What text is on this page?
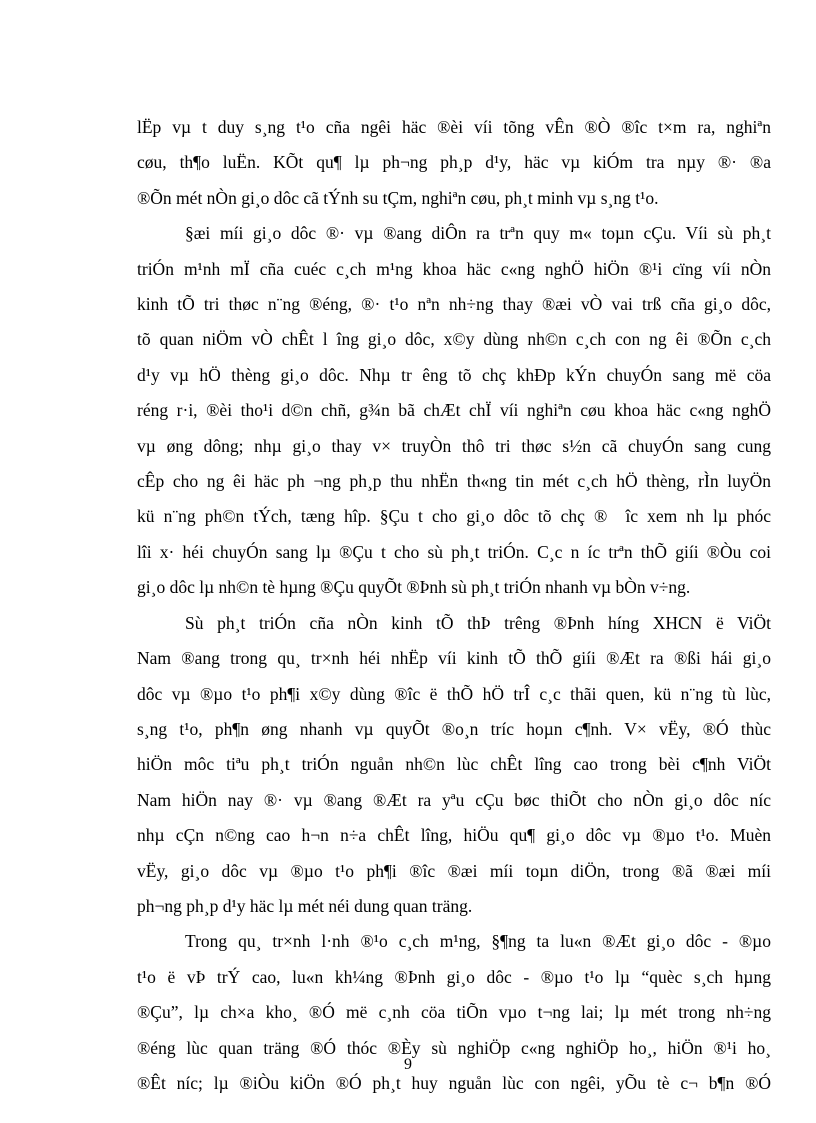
lËp vµ t duy s¸ng t¹o cña ngêi häc ®èi víi tõng vÊn ®Ò ®îc t×m ra, nghiªn
cøu, th¶o luËn. KÕt qu¶ lµ ph¬ng ph¸p d¹y, häc vµ kiÓm tra nµy ®· ®a
®Õn mét nÒn gi¸o dôc cã tÝnh su tÇm, nghiªn cøu, ph¸t minh vµ s¸ng t¹o.

§æi míi gi¸o dôc ®· vµ ®ang diÔn ra trªn quy m« toµn cÇu. Víi sù ph¸t
triÓn m¹nh mÏ cña cuéc c¸ch m¹ng khoa häc c«ng nghÖ hiÖn ®¹i cïng víi nÒn
kinh tÕ tri thøc n¨ng ®éng, ®· t¹o nªn nh÷ng thay ®æi vÒ vai trß cña gi¸o dôc,
tõ quan niÖm vÒ chÊt l îng gi¸o dôc, x©y dùng nh©n c¸ch con ng êi ®Õn c¸ch
d¹y vµ hÖ thèng gi¸o dôc. Nhµ tr êng tõ chç khÐp kÝn chuyÓn sang më cöa
réng r·i, ®èi tho¹i d©n chñ, g¾n bã chÆt chÏ víi nghiªn cøu khoa häc c«ng nghÖ
vµ øng dông; nhµ gi¸o thay v× truyÒn thô tri thøc s½n cã chuyÓn sang cung
cÊp cho ng êi häc ph ¬ng ph¸p thu nhËn th«ng tin mét c¸ch hÖ thèng, rÌn luyÖn
kü n¨ng ph©n tÝch, tæng hîp. §Çu t cho gi¸o dôc tõ chç ® îc xem nh lµ phóc
lîi x· héi chuyÓn sang lµ ®Çu t cho sù ph¸t triÓn. C¸c n íc trªn thÕ giíi ®Òu coi
gi¸o dôc lµ nh©n tè hµng ®Çu quyÕt ®Þnh sù ph¸t triÓn nhanh vµ bÒn v÷ng.

Sù ph¸t triÓn cña nÒn kinh tÕ thÞ trêng ®Þnh híng XHCN ë ViÖt
Nam ®ang trong qu¸ tr×nh héi nhËp víi kinh tÕ thÕ giíi ®Æt ra ®ßi hái gi¸o
dôc vµ ®µo t¹o ph¶i x©y dùng ®îc ë thÕ hÖ trÎ c¸c thãi quen, kü n¨ng tù lùc,
s¸ng t¹o, ph¶n øng nhanh vµ quyÕt ®o¸n tríc hoµn c¶nh. V× vËy, ®Ó thùc
hiÖn môc tiªu ph¸t triÓn nguån nh©n lùc chÊt lîng cao trong bèi c¶nh ViÖt
Nam hiÖn nay ®· vµ ®ang ®Æt ra yªu cÇu bøc thiÕt cho nÒn gi¸o dôc níc
nhµ cÇn n©ng cao h¬n n÷a chÊt lîng, hiÖu qu¶ gi¸o dôc vµ ®µo t¹o. Muèn
vËy, gi¸o dôc vµ ®µo t¹o ph¶i ®îc ®æi míi toµn diÖn, trong ®ã ®æi míi
ph¬ng ph¸p d¹y häc lµ mét néi dung quan träng.

Trong qu¸ tr×nh l·nh ®¹o c¸ch m¹ng, §¶ng ta lu«n ®Æt gi¸o dôc - ®µo
t¹o ë vÞ trÝ cao, lu«n kh¼ng ®Þnh gi¸o dôc - ®µo t¹o lµ “quèc s¸ch hµng
®Çu”, lµ ch×a kho¸ ®Ó më c¸nh cöa tiÕn vµo t¬ng lai; lµ mét trong nh÷ng
®éng lùc quan träng ®Ó thóc ®Èy sù nghiÖp c«ng nghiÖp ho¸, hiÖn ®¹i ho¸
®Êt níc; lµ ®iÒu kiÖn ®Ó ph¸t huy nguån lùc con ngêi, yÕu tè c¬ b¶n ®Ó

9
